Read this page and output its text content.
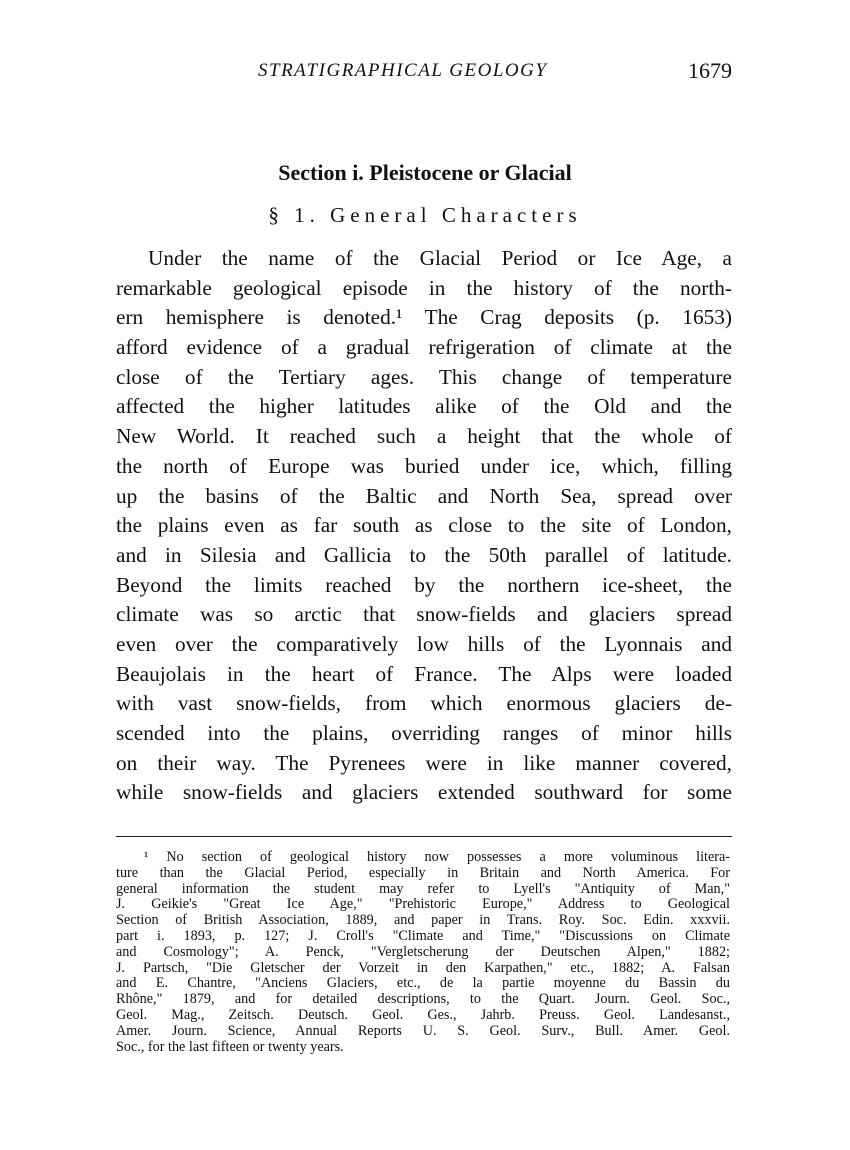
STRATIGRAPHICAL GEOLOGY	1679
Section i. Pleistocene or Glacial
§ 1. General Characters
Under the name of the Glacial Period or Ice Age, a
remarkable geological episode in the history of the north-
ern hemisphere is denoted.¹ The Crag deposits (p. 1653)
afford evidence of a gradual refrigeration of climate at the
close of the Tertiary ages. This change of temperature
affected the higher latitudes alike of the Old and the
New World. It reached such a height that the whole of
the north of Europe was buried under ice, which, filling
up the basins of the Baltic and North Sea, spread over
the plains even as far south as close to the site of London,
and in Silesia and Gallicia to the 50th parallel of latitude.
Beyond the limits reached by the northern ice-sheet, the
climate was so arctic that snow-fields and glaciers spread
even over the comparatively low hills of the Lyonnais and
Beaujolais in the heart of France. The Alps were loaded
with vast snow-fields, from which enormous glaciers de-
scended into the plains, overriding ranges of minor hills
on their way. The Pyrenees were in like manner covered,
while snow-fields and glaciers extended southward for some
¹ No section of geological history now possesses a more voluminous litera-
ture than the Glacial Period, especially in Britain and North America. For
general information the student may refer to Lyell's "Antiquity of Man,"
J. Geikie's "Great Ice Age," "Prehistoric Europe," Address to Geological
Section of British Association, 1889, and paper in Trans. Roy. Soc. Edin. xxxvii.
part i. 1893, p. 127; J. Croll's "Climate and Time," "Discussions on Climate
and Cosmology"; A. Penck, "Vergletscherung der Deutschen Alpen," 1882;
J. Partsch, "Die Gletscher der Vorzeit in den Karpathen," etc., 1882; A. Falsan
and E. Chantre, "Anciens Glaciers, etc., de la partie moyenne du Bassin du
Rhône," 1879, and for detailed descriptions, to the Quart. Journ. Geol. Soc.,
Geol. Mag., Zeitsch. Deutsch. Geol. Ges., Jahrb. Preuss. Geol. Landesanst.,
Amer. Journ. Science, Annual Reports U. S. Geol. Surv., Bull. Amer. Geol.
Soc., for the last fifteen or twenty years.
